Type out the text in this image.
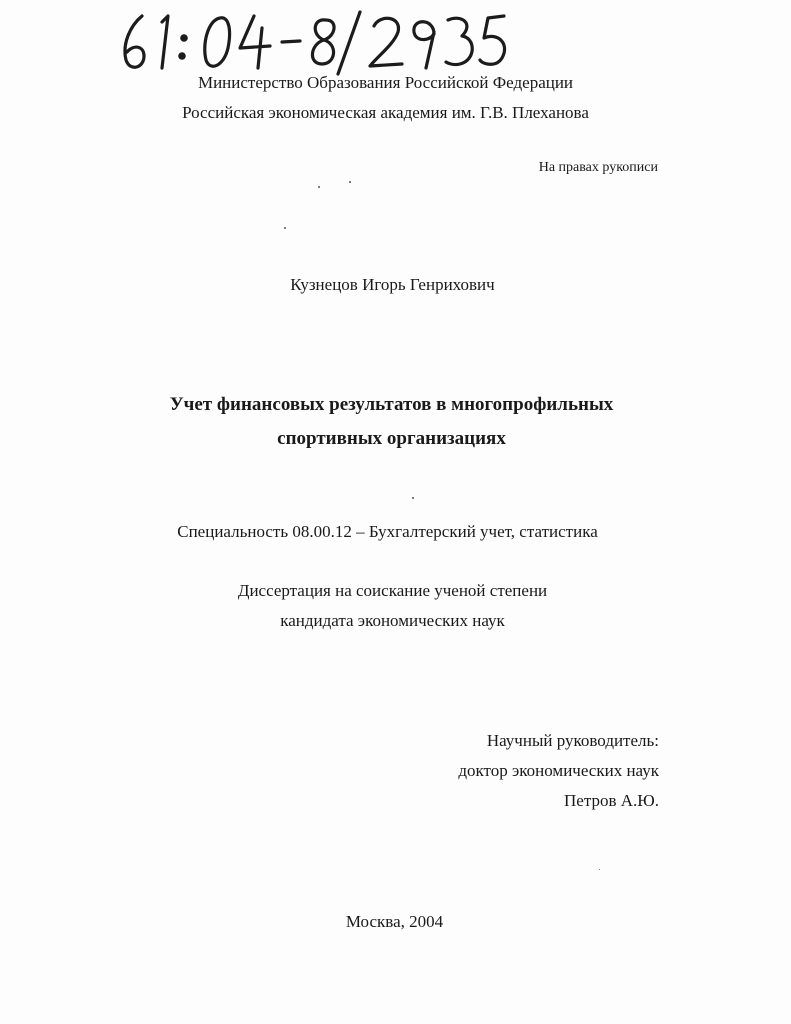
61:04-8/2935
Министерство Образования Российской Федерации
Российская экономическая академия им. Г.В. Плеханова
На правах рукописи
Кузнецов Игорь Генрихович
Учет финансовых результатов в многопрофильных
спортивных организациях
Специальность 08.00.12 – Бухгалтерский учет, статистика
Диссертация на соискание ученой степени
кандидата экономических наук
Научный руководитель:
доктор экономических наук
Петров А.Ю.
Москва, 2004
